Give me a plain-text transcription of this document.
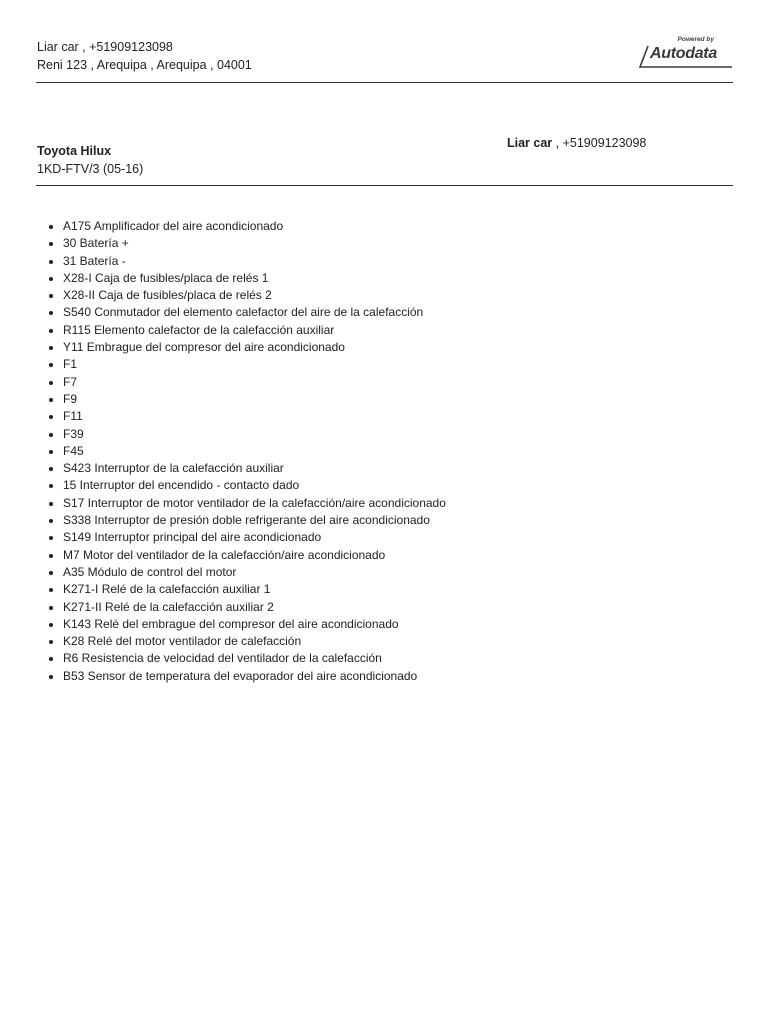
Liar car , +51909123098
Reni 123 , Arequipa , Arequipa , 04001
Powered by
Autodata
Toyota Hilux
1KD-FTV/3 (05-16)
Liar car , +51909123098
A175 Amplificador del aire acondicionado
30 Batería +
31 Batería -
X28-I Caja de fusibles/placa de relés 1
X28-II Caja de fusibles/placa de relés 2
S540 Conmutador del elemento calefactor del aire de la calefacción
R115 Elemento calefactor de la calefacción auxiliar
Y11 Embrague del compresor del aire acondicionado
F1
F7
F9
F11
F39
F45
S423 Interruptor de la calefacción auxiliar
15 Interruptor del encendido - contacto dado
S17 Interruptor de motor ventilador de la calefacción/aire acondicionado
S338 Interruptor de presión doble refrigerante del aire acondicionado
S149 Interruptor principal del aire acondicionado
M7 Motor del ventilador de la calefacción/aire acondicionado
A35 Módulo de control del motor
K271-I Relé de la calefacción auxiliar 1
K271-II Relé de la calefacción auxiliar 2
K143 Relé del embrague del compresor del aire acondicionado
K28 Relé del motor ventilador de calefacción
R6 Resistencia de velocidad del ventilador de la calefacción
B53 Sensor de temperatura del evaporador del aire acondicionado
